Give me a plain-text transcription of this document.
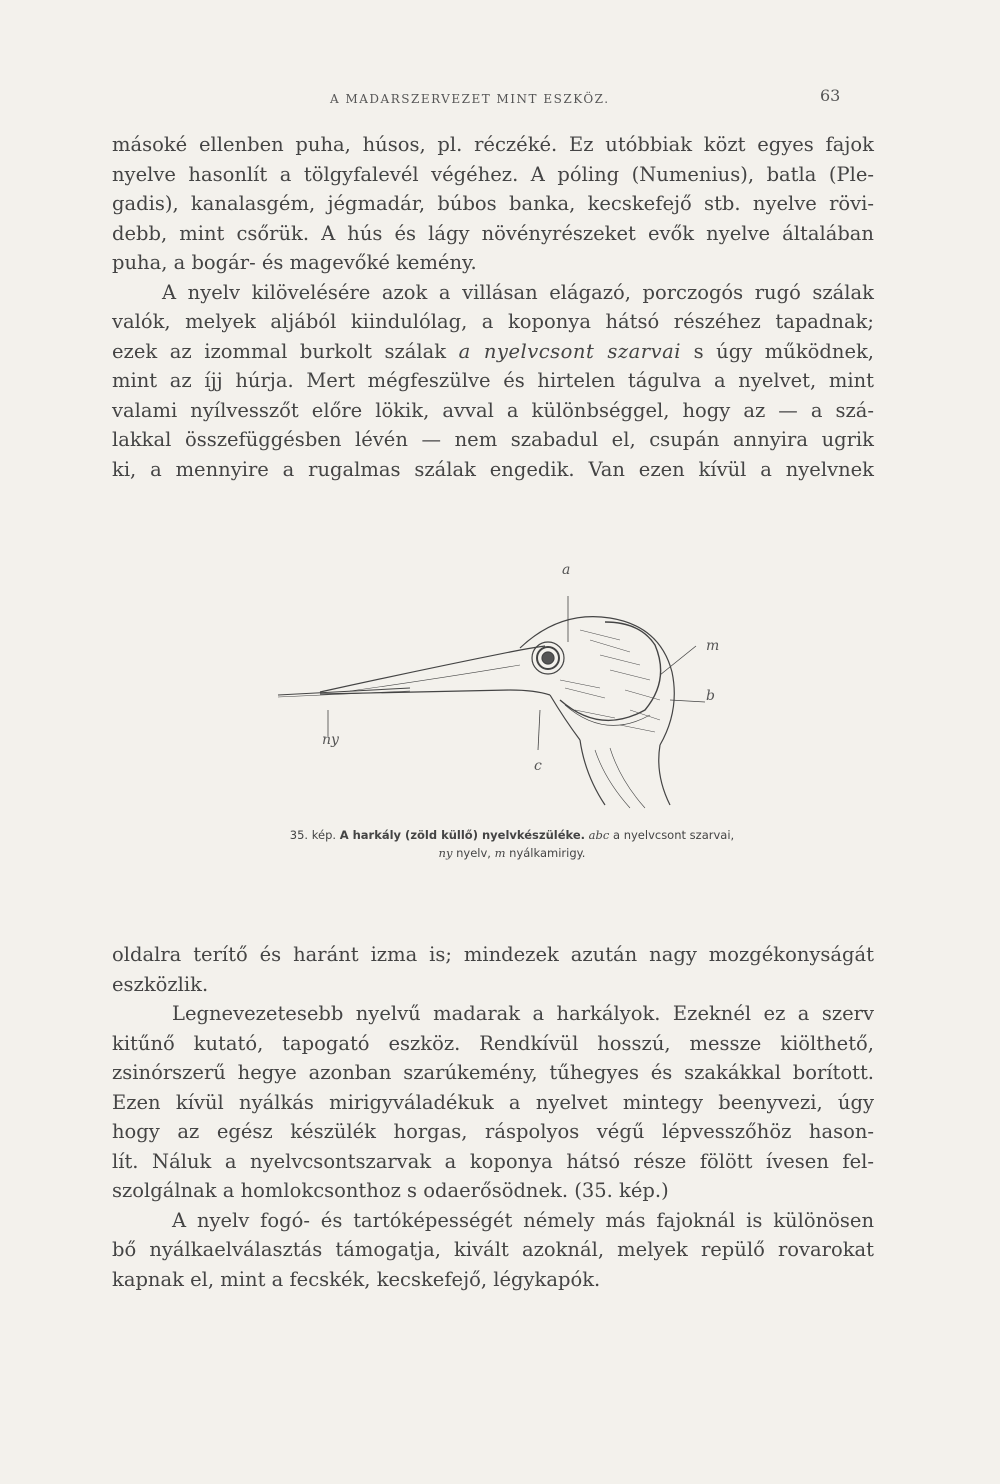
A MADARSZERVEZET MINT ESZKÖZ.	63
másoké ellenben puha, húsos, pl. réczéké. Ez utóbbiak közt egyes fajok
nyelve hasonlít a tölgyfalevél végéhez. A póling (Numenius), batla (Ple-
gadis), kanalasgém, jégmadár, búbos banka, kecskefejő stb. nyelve rövi-
debb, mint csőrük. A hús és lágy növényrészeket evők nyelve általában
puha, a bogár- és magevőké kemény.
A nyelv kilövelésére azok a villásan elágazó, porczogós rugó szálak
valók, melyek aljából kiindulólag, a koponya hátsó részéhez tapadnak;
ezek az izommal burkolt szálak a nyelvcsont szarvai s úgy működnek,
mint az íjj húrja. Mert mégfeszülve és hirtelen tágulva a nyelvet, mint
valami nyílvesszőt előre lökik, avval a különbséggel, hogy az — a szá-
lakkal összefüggésben lévén — nem szabadul el, csupán annyira ugrik
ki, a mennyire a rugalmas szálak engedik. Van ezen kívül a nyelvnek
a
m
b
c
ny
35. kép. A harkály (zöld küllő) nyelvkészüléke. abc a nyelvcsont szarvai,
ny nyelv, m nyálkamirigy.
oldalra terítő és haránt izma is; mindezek azután nagy mozgékonyságát
eszközlik.
Legnevezetesebb nyelvű madarak a harkályok. Ezeknél ez a szerv
kitűnő kutató, tapogató eszköz. Rendkívül hosszú, messze kiölthető,
zsinórszerű hegye azonban szarúkemény, tűhegyes és szakákkal borított.
Ezen kívül nyálkás mirigyváladékuk a nyelvet mintegy beenyvezi, úgy
hogy az egész készülék horgas, ráspolyos végű lépvesszőhöz hason-
lít. Náluk a nyelvcsontszarvak a koponya hátsó része fölött ívesen fel-
szolgálnak a homlokcsonthoz s odaerősödnek. (35. kép.)
A nyelv fogó- és tartóképességét némely más fajoknál is különösen
bő nyálkaelválasztás támogatja, kivált azoknál, melyek repülő rovarokat
kapnak el, mint a fecskék, kecskefejő, légykapók.
